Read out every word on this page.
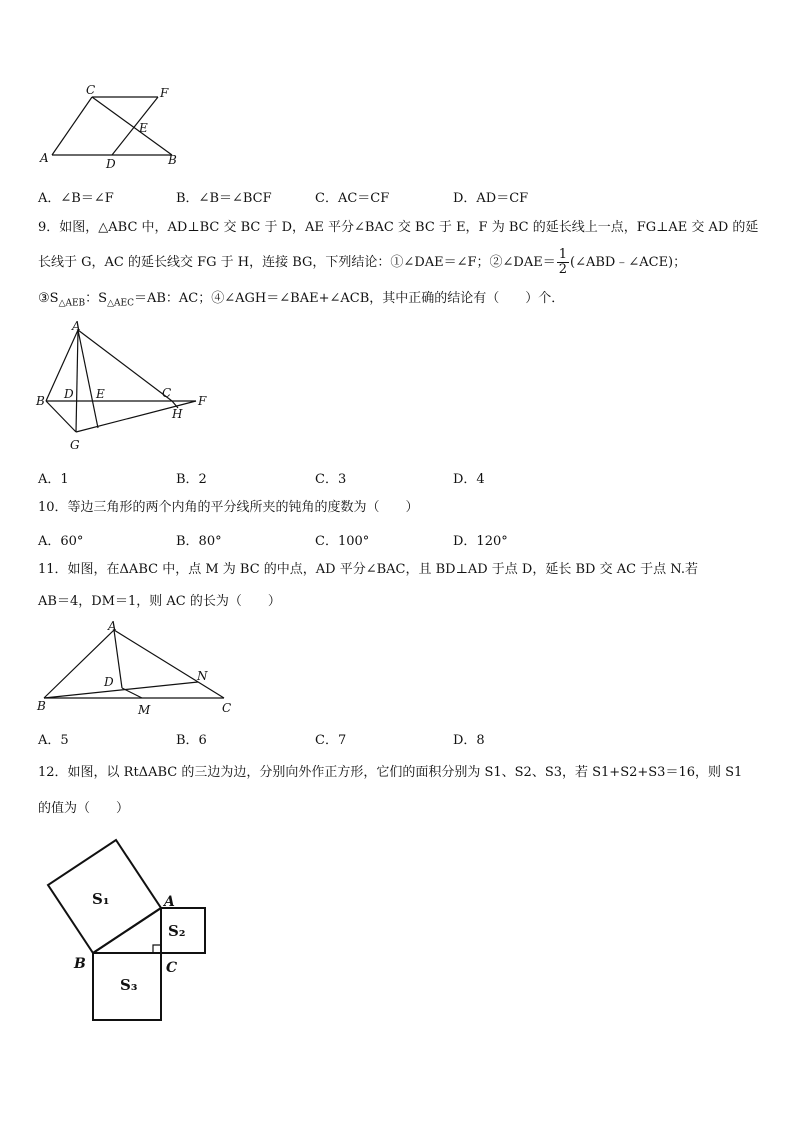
C	F
E
A	D	B
A．∠B＝∠F	B．∠B＝∠BCF	C．AC＝CF	D．AD＝CF
9．如图，△ABC 中，AD⊥BC 交 BC 于 D，AE 平分∠BAC 交 BC 于 E，F 为 BC 的延长线上一点，FG⊥AE 交 AD 的延
长线于 G，AC 的延长线交 FG 于 H，连接 BG，下列结论：①∠DAE＝∠F；②∠DAE＝ $\frac{1}{2}$ (∠ABD﹣∠ACE)；
$③S_{\triangle AEB}$：$S_{\triangle AEC}=AB$：AC；④∠AGH＝∠BAE+∠ACB，其中正确的结论有（　　）个．
A
B D E	C
F
H
G
A．1	B．2	C．3	D．4
10．等边三角形的两个内角的平分线所夹的钝角的度数为（　　）
A．60°	B．80°	C．100°	D．120°
11．如图，在ΔABC 中，点 M 为 BC 的中点，AD 平分∠BAC，且 BD⊥AD 于点 D，延长 BD 交 AC 于点 N.若
AB＝4，DM＝1，则 AC 的长为（　　）
A
D	N
B	M	C
A．5	B．6	C．7	D．8
12．如图，以 RtΔABC 的三边为边，分别向外作正方形，它们的面积分别为 S1、S2、S3，若 S1+S2+S3＝16，则 S1
的值为（　　）
S₁
S₂
S₃
A
B	C
